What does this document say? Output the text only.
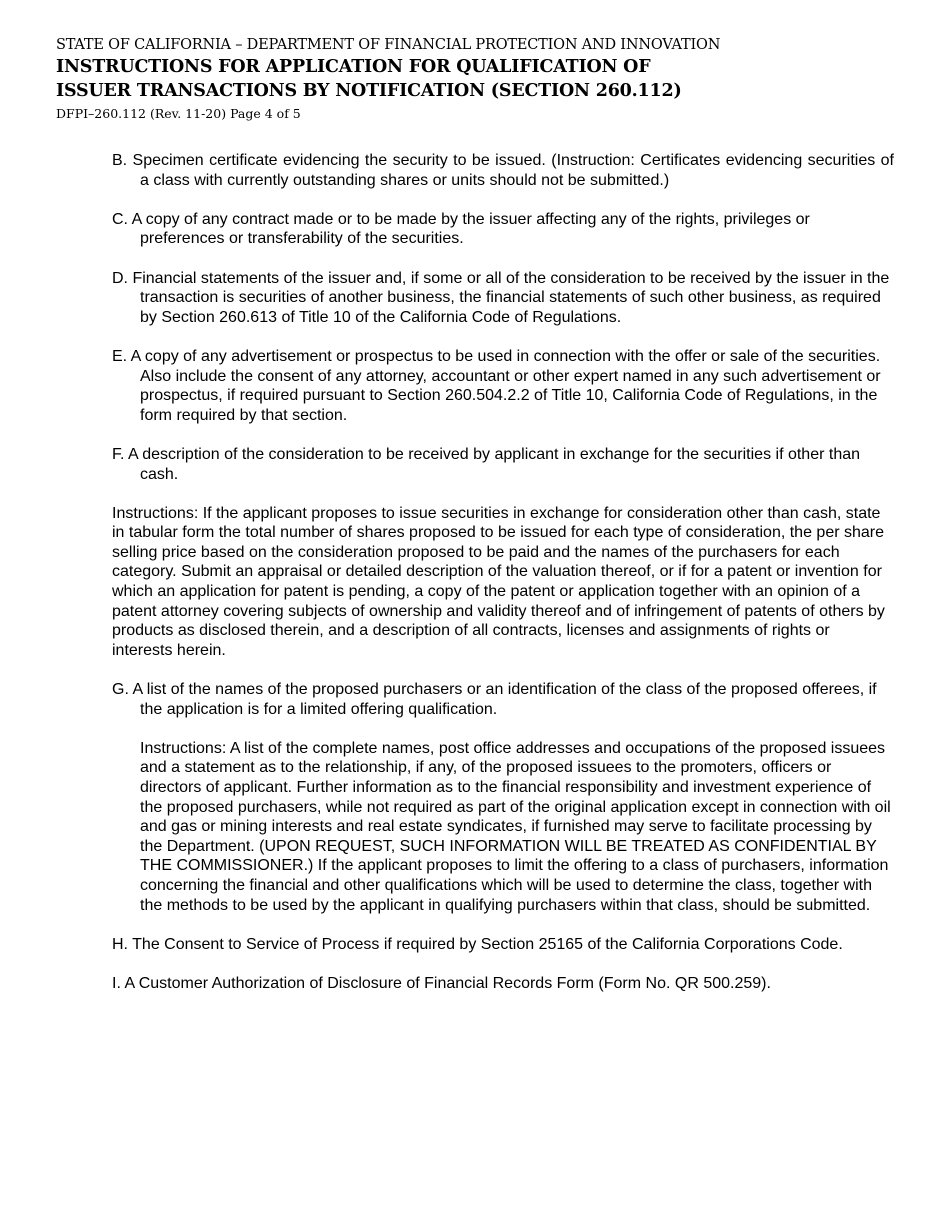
STATE OF CALIFORNIA – DEPARTMENT OF FINANCIAL PROTECTION AND INNOVATION
INSTRUCTIONS FOR APPLICATION FOR QUALIFICATION OF
ISSUER TRANSACTIONS BY NOTIFICATION (SECTION 260.112)
DFPI–260.112 (Rev. 11-20) Page 4 of 5

B. Specimen certificate evidencing the security to be issued. (Instruction: Certificates evidencing securities of a class with currently outstanding shares or units should not be submitted.)

C. A copy of any contract made or to be made by the issuer affecting any of the rights, privileges or preferences or transferability of the securities.

D. Financial statements of the issuer and, if some or all of the consideration to be received by the issuer in the transaction is securities of another business, the financial statements of such other business, as required by Section 260.613 of Title 10 of the California Code of Regulations.

E. A copy of any advertisement or prospectus to be used in connection with the offer or sale of the securities. Also include the consent of any attorney, accountant or other expert named in any such advertisement or prospectus, if required pursuant to Section 260.504.2.2 of Title 10, California Code of Regulations, in the form required by that section.

F. A description of the consideration to be received by applicant in exchange for the securities if other than cash.

Instructions: If the applicant proposes to issue securities in exchange for consideration other than cash, state in tabular form the total number of shares proposed to be issued for each type of consideration, the per share selling price based on the consideration proposed to be paid and the names of the purchasers for each category. Submit an appraisal or detailed description of the valuation thereof, or if for a patent or invention for which an application for patent is pending, a copy of the patent or application together with an opinion of a patent attorney covering subjects of ownership and validity thereof and of infringement of patents of others by products as disclosed therein, and a description of all contracts, licenses and assignments of rights or interests herein.

G. A list of the names of the proposed purchasers or an identification of the class of the proposed offerees, if the application is for a limited offering qualification.

Instructions: A list of the complete names, post office addresses and occupations of the proposed issuees and a statement as to the relationship, if any, of the proposed issuees to the promoters, officers or directors of applicant. Further information as to the financial responsibility and investment experience of the proposed purchasers, while not required as part of the original application except in connection with oil and gas or mining interests and real estate syndicates, if furnished may serve to facilitate processing by the Department. (UPON REQUEST, SUCH INFORMATION WILL BE TREATED AS CONFIDENTIAL BY THE COMMISSIONER.) If the applicant proposes to limit the offering to a class of purchasers, information concerning the financial and other qualifications which will be used to determine the class, together with the methods to be used by the applicant in qualifying purchasers within that class, should be submitted.

H. The Consent to Service of Process if required by Section 25165 of the California Corporations Code.

I. A Customer Authorization of Disclosure of Financial Records Form (Form No. QR 500.259).
